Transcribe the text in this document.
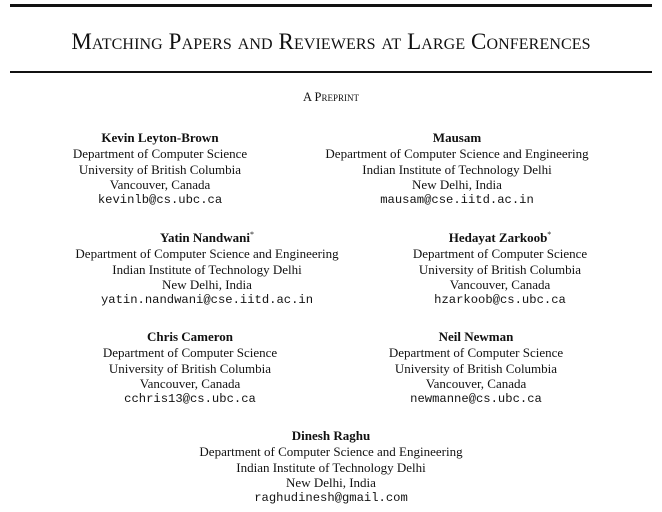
Matching Papers and Reviewers at Large Conferences
A Preprint
Kevin Leyton-Brown
Department of Computer Science
University of British Columbia
Vancouver, Canada
kevinlb@cs.ubc.ca
Mausam
Department of Computer Science and Engineering
Indian Institute of Technology Delhi
New Delhi, India
mausam@cse.iitd.ac.in
Yatin Nandwani*
Department of Computer Science and Engineering
Indian Institute of Technology Delhi
New Delhi, India
yatin.nandwani@cse.iitd.ac.in
Hedayat Zarkoob*
Department of Computer Science
University of British Columbia
Vancouver, Canada
hzarkoob@cs.ubc.ca
Chris Cameron
Department of Computer Science
University of British Columbia
Vancouver, Canada
cchris13@cs.ubc.ca
Neil Newman
Department of Computer Science
University of British Columbia
Vancouver, Canada
newmanne@cs.ubc.ca
Dinesh Raghu
Department of Computer Science and Engineering
Indian Institute of Technology Delhi
New Delhi, India
raghudinesh@gmail.com
